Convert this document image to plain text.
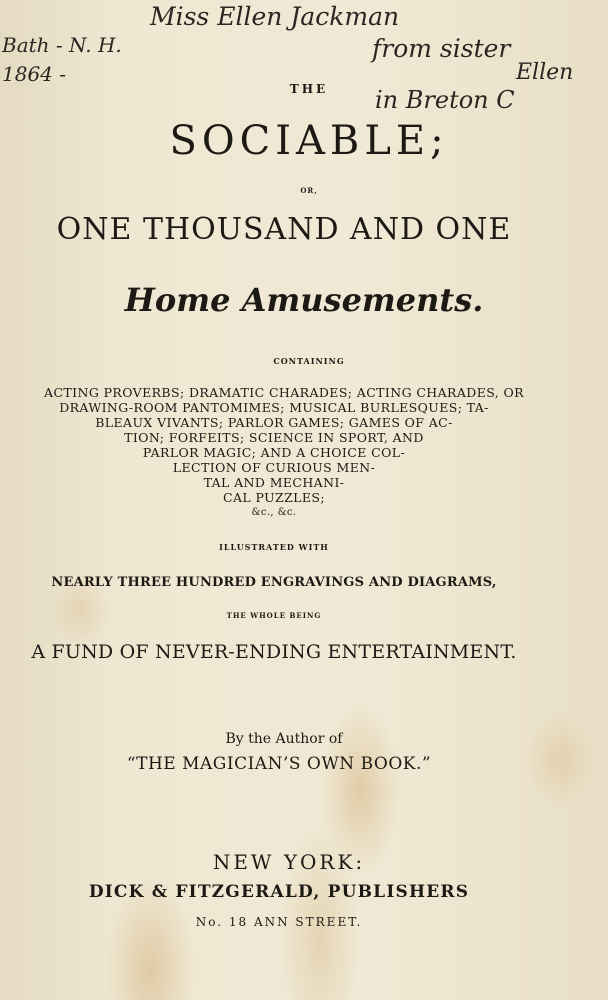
Miss Ellen Jackman

from sister

Ellen

in Breton C

Bath - N. H.

1864 -

THE

SOCIABLE;

OR,

ONE THOUSAND AND ONE

Home Amusements.

CONTAINING

ACTING PROVERBS; DRAMATIC CHARADES; ACTING CHARADES, OR

DRAWING-ROOM PANTOMIMES; MUSICAL BURLESQUES; TA-

BLEAUX VIVANTS; PARLOR GAMES; GAMES OF AC-

TION; FORFEITS; SCIENCE IN SPORT, AND

PARLOR MAGIC; AND A CHOICE COL-

LECTION OF CURIOUS MEN-

TAL AND MECHANI-

CAL PUZZLES;

&c., &c.

ILLUSTRATED WITH

NEARLY THREE HUNDRED ENGRAVINGS AND DIAGRAMS,

THE WHOLE BEING

A FUND OF NEVER-ENDING ENTERTAINMENT.

By the Author of

“THE MAGICIAN’S OWN BOOK.”

NEW YORK:

DICK & FITZGERALD, PUBLISHERS

No. 18 ANN STREET.
